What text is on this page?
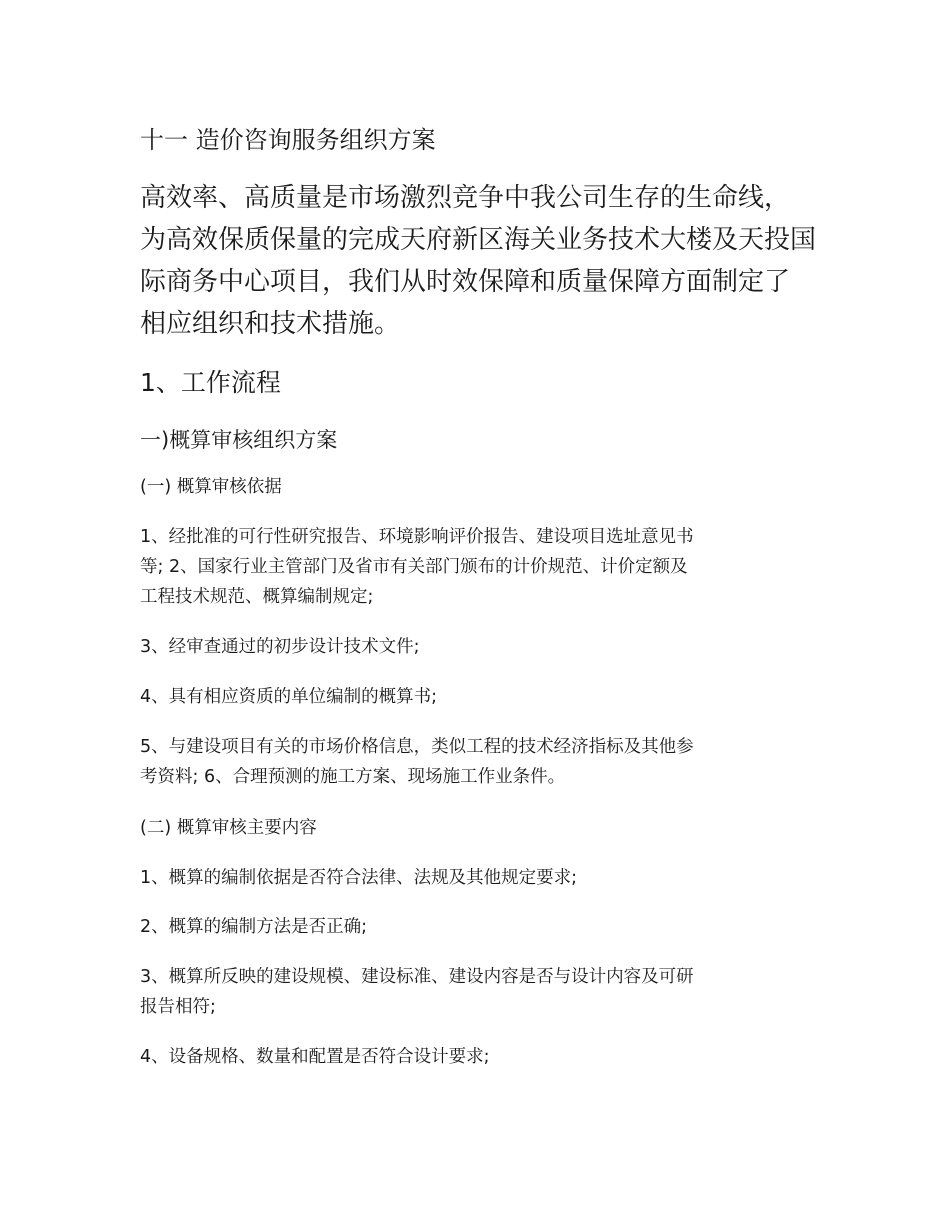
十一 造价咨询服务组织方案
高效率、高质量是市场激烈竞争中我公司生存的生命线，
为高效保质保量的完成天府新区海关业务技术大楼及天投国
际商务中心项目，我们从时效保障和质量保障方面制定了
相应组织和技术措施。
1、工作流程
一)概算审核组织方案
(一) 概算审核依据
1、经批准的可行性研究报告、环境影响评价报告、建设项目选址意见书
等; 2、国家行业主管部门及省市有关部门颁布的计价规范、计价定额及
工程技术规范、概算编制规定;
3、经审查通过的初步设计技术文件;
4、具有相应资质的单位编制的概算书;
5、与建设项目有关的市场价格信息，类似工程的技术经济指标及其他参
考资料; 6、合理预测的施工方案、现场施工作业条件。
(二) 概算审核主要内容
1、概算的编制依据是否符合法律、法规及其他规定要求;
2、概算的编制方法是否正确;
3、概算所反映的建设规模、建设标准、建设内容是否与设计内容及可研
报告相符;
4、设备规格、数量和配置是否符合设计要求;
